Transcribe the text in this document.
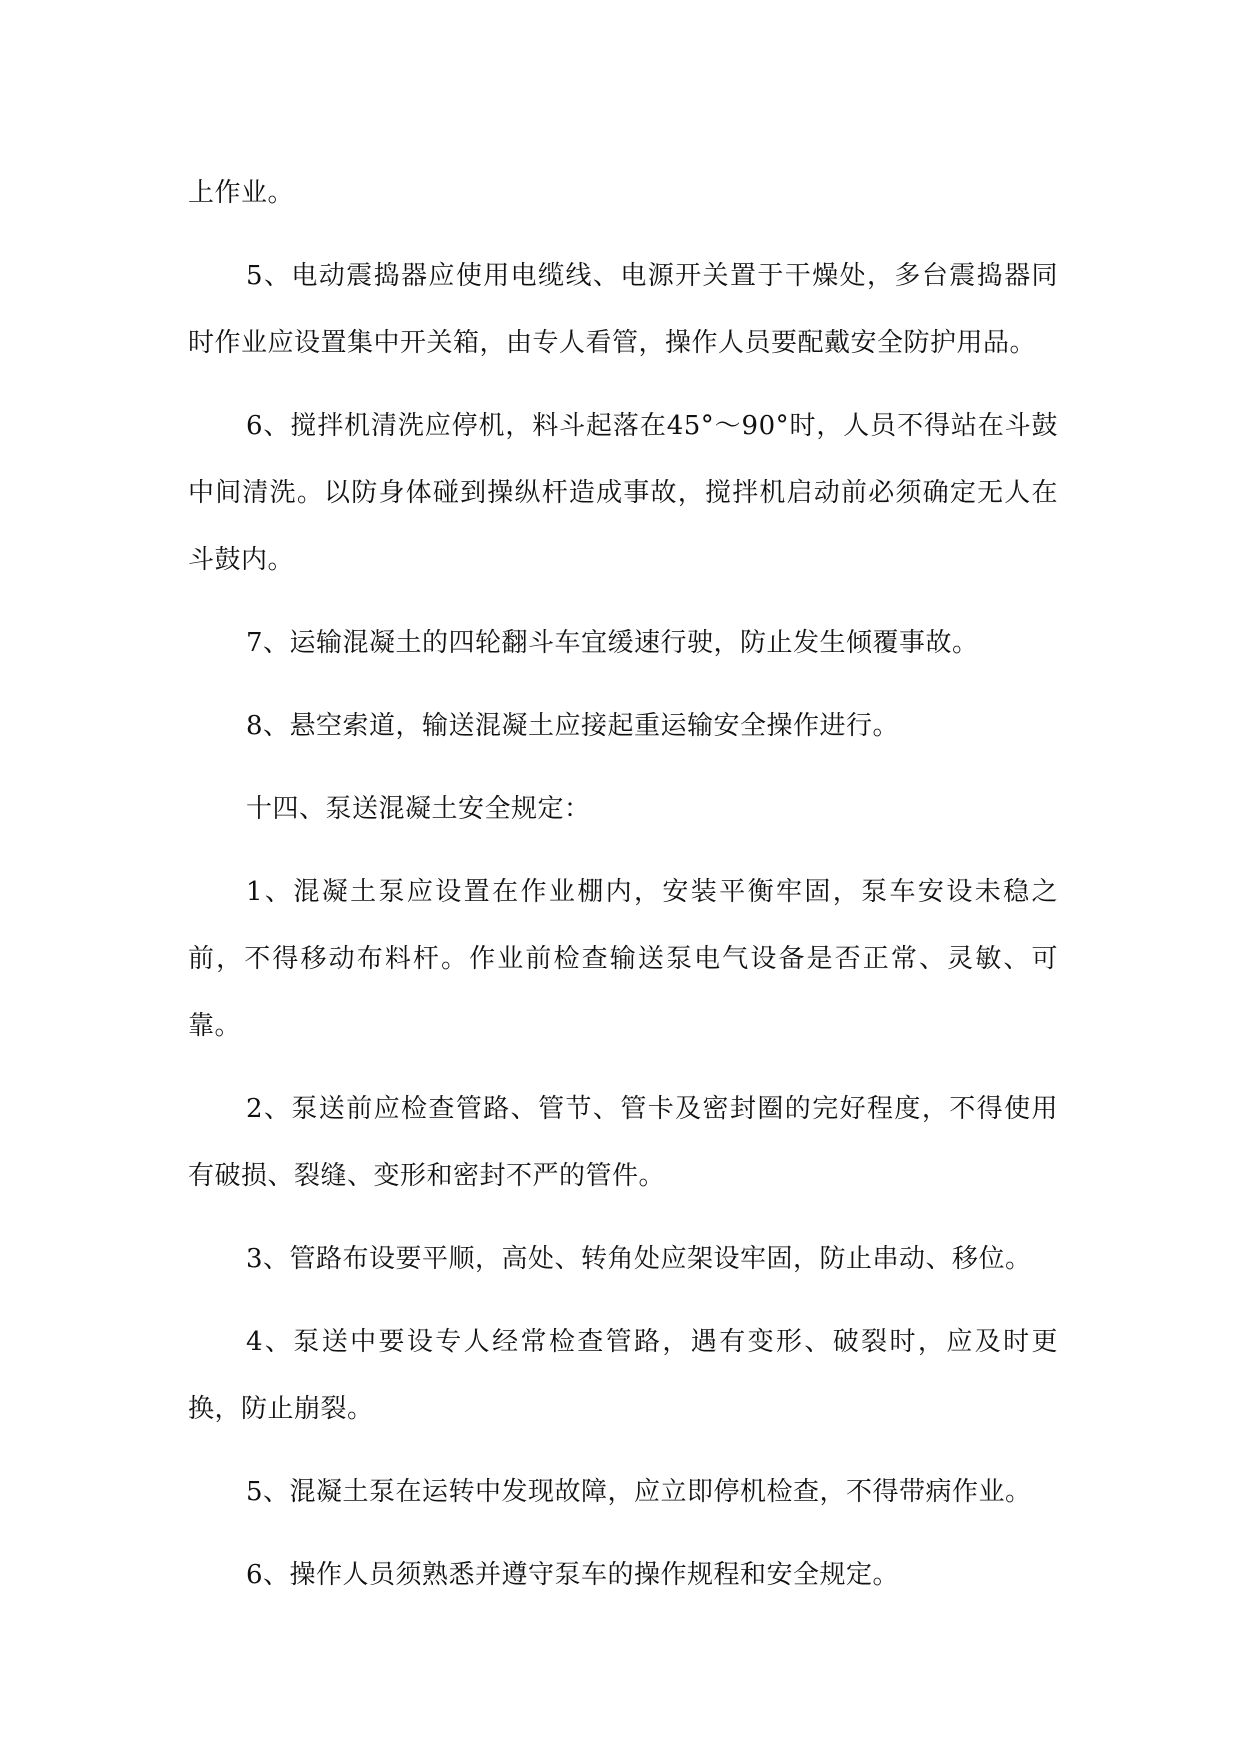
上作业。

5、电动震捣器应使用电缆线、电源开关置于干燥处，多台震捣器同时作业应设置集中开关箱，由专人看管，操作人员要配戴安全防护用品。

6、搅拌机清洗应停机，料斗起落在45°～90°时，人员不得站在斗鼓中间清洗。以防身体碰到操纵杆造成事故，搅拌机启动前必须确定无人在斗鼓内。

7、运输混凝土的四轮翻斗车宜缓速行驶，防止发生倾覆事故。

8、悬空索道，输送混凝土应接起重运输安全操作进行。

十四、泵送混凝土安全规定：

1、混凝土泵应设置在作业棚内，安装平衡牢固，泵车安设未稳之前，不得移动布料杆。作业前检查输送泵电气设备是否正常、灵敏、可靠。

2、泵送前应检查管路、管节、管卡及密封圈的完好程度，不得使用有破损、裂缝、变形和密封不严的管件。

3、管路布设要平顺，高处、转角处应架设牢固，防止串动、移位。

4、泵送中要设专人经常检查管路，遇有变形、破裂时，应及时更换，防止崩裂。

5、混凝土泵在运转中发现故障，应立即停机检查，不得带病作业。

6、操作人员须熟悉并遵守泵车的操作规程和安全规定。
